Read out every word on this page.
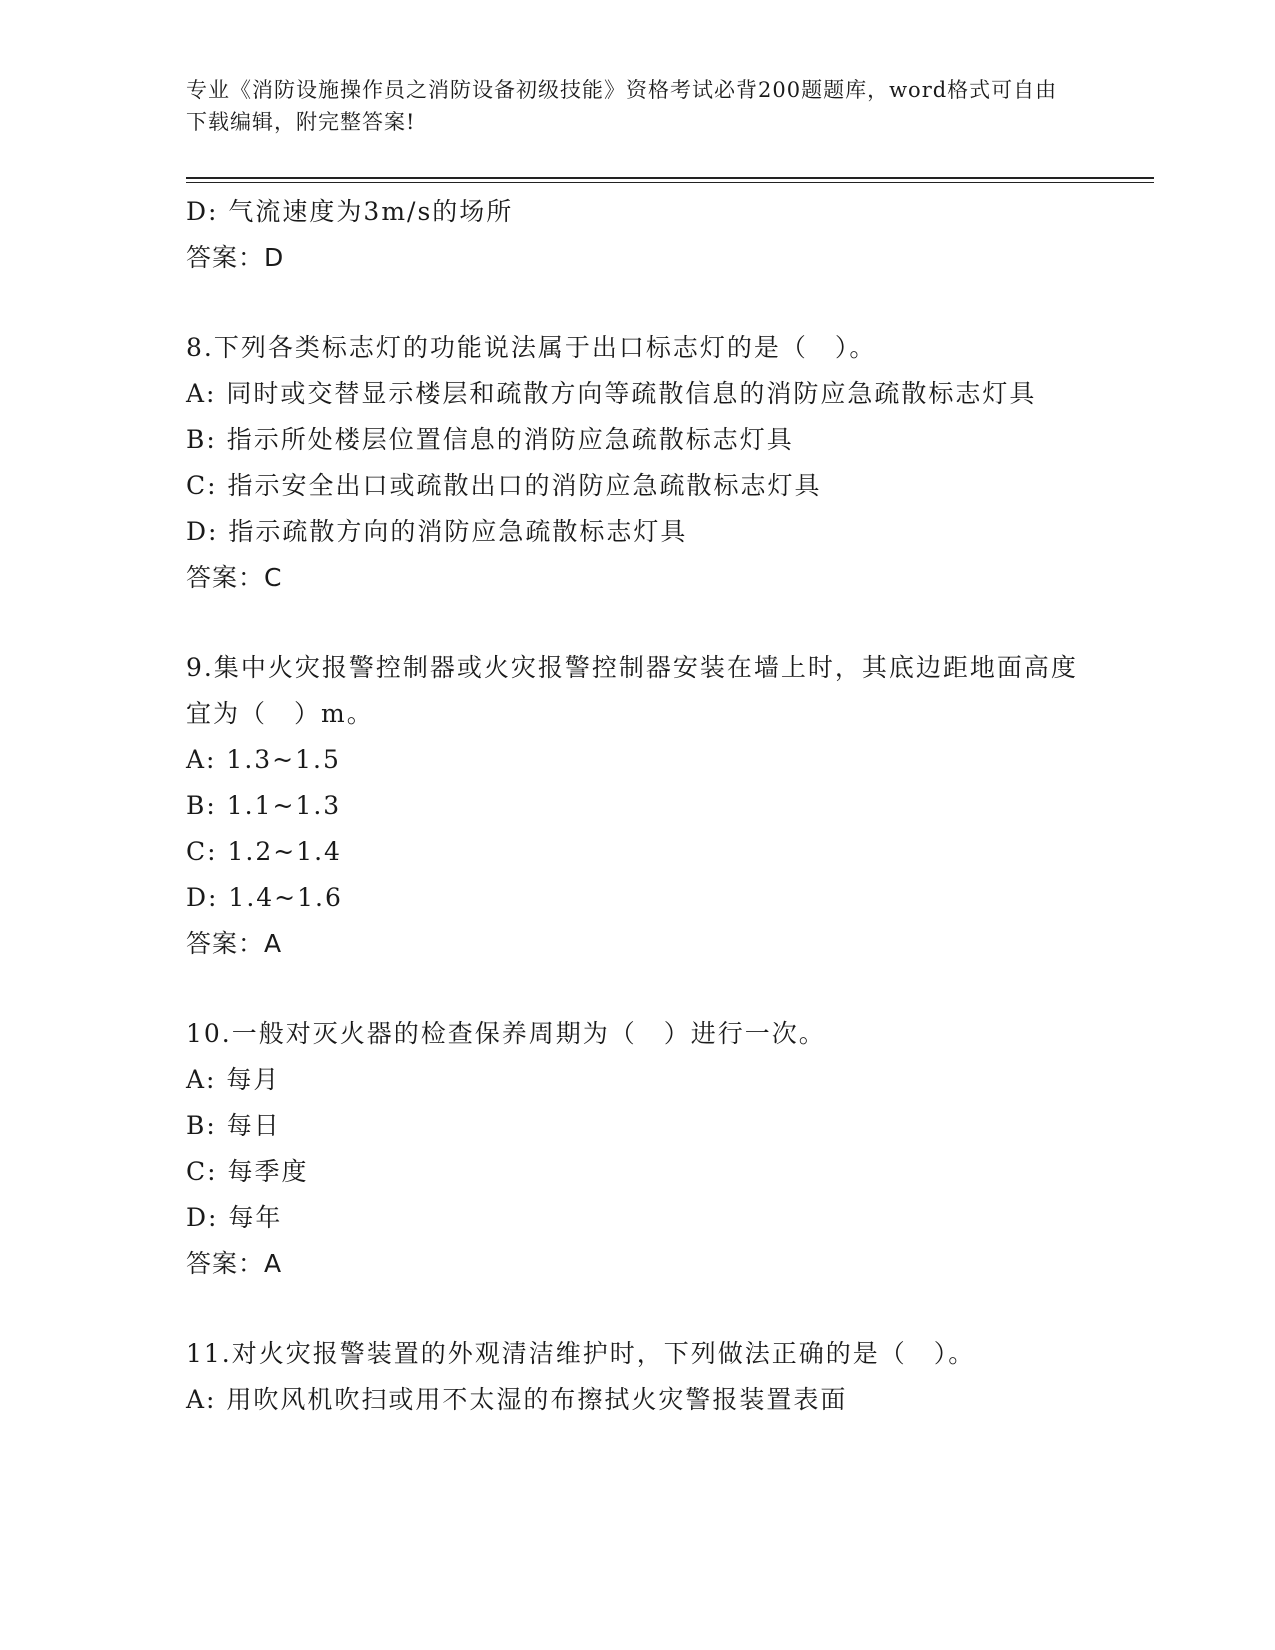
专业《消防设施操作员之消防设备初级技能》资格考试必背200题题库，word格式可自由下载编辑，附完整答案!
D: 气流速度为3m/s的场所
答案：D
8.下列各类标志灯的功能说法属于出口标志灯的是（　）。
A: 同时或交替显示楼层和疏散方向等疏散信息的消防应急疏散标志灯具
B: 指示所处楼层位置信息的消防应急疏散标志灯具
C: 指示安全出口或疏散出口的消防应急疏散标志灯具
D: 指示疏散方向的消防应急疏散标志灯具
答案：C
9.集中火灾报警控制器或火灾报警控制器安装在墙上时，其底边距地面高度宜为（　）m。
A: 1.3~1.5
B: 1.1~1.3
C: 1.2~1.4
D: 1.4~1.6
答案：A
10.一般对灭火器的检查保养周期为（　）进行一次。
A: 每月
B: 每日
C: 每季度
D: 每年
答案：A
11.对火灾报警装置的外观清洁维护时，下列做法正确的是（　）。
A: 用吹风机吹扫或用不太湿的布擦拭火灾警报装置表面
